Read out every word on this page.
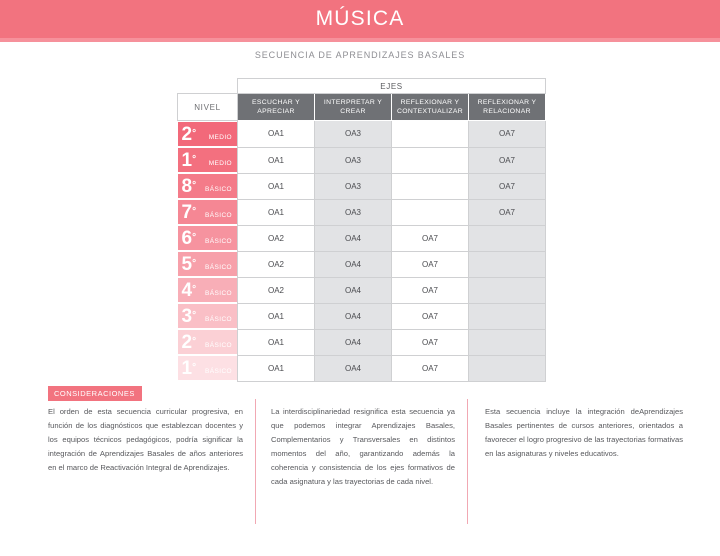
MÚSICA
SECUENCIA DE APRENDIZAJES BASALES
	EJES			
NIVEL	ESCUCHAR Y APRECIAR	INTERPRETAR Y CREAR	REFLEXIONAR Y CONTEXTUALIZAR	REFLEXIONAR Y RELACIONAR

2 ° MEDIO	OA1	OA3		OA7

1 ° MEDIO	OA1	OA3		OA7

8 ° BÁSICO	OA1	OA3		OA7

7 ° BÁSICO	OA1	OA3		OA7

6 ° BÁSICO	OA2	OA4	OA7	

5 ° BÁSICO	OA2	OA4	OA7	

4 ° BÁSICO	OA2	OA4	OA7	

3 ° BÁSICO	OA1	OA4	OA7	

2 ° BÁSICO	OA1	OA4	OA7	

1 ° BÁSICO	OA1	OA4	OA7	
CONSIDERACIONES
El orden de esta secuencia curricular progresiva, en función de los diagnósticos que establezcan docentes y los equipos técnicos pedagógicos, podría significar la integración de Aprendizajes Basales de años anteriores en el marco de Reactivación Integral de Aprendizajes.
La interdisciplinariedad resignifica esta secuencia ya que podemos integrar Aprendizajes Basales, Complementarios y Transversales en distintos momentos del año, garantizando además la coherencia y consistencia de los ejes formativos de cada asignatura y las trayectorias de cada nivel.
Esta secuencia incluye la integración deAprendizajes Basales pertinentes de cursos anteriores, orientados a favorecer el logro progresivo de las trayectorias formativas en las asignaturas y niveles educativos.
